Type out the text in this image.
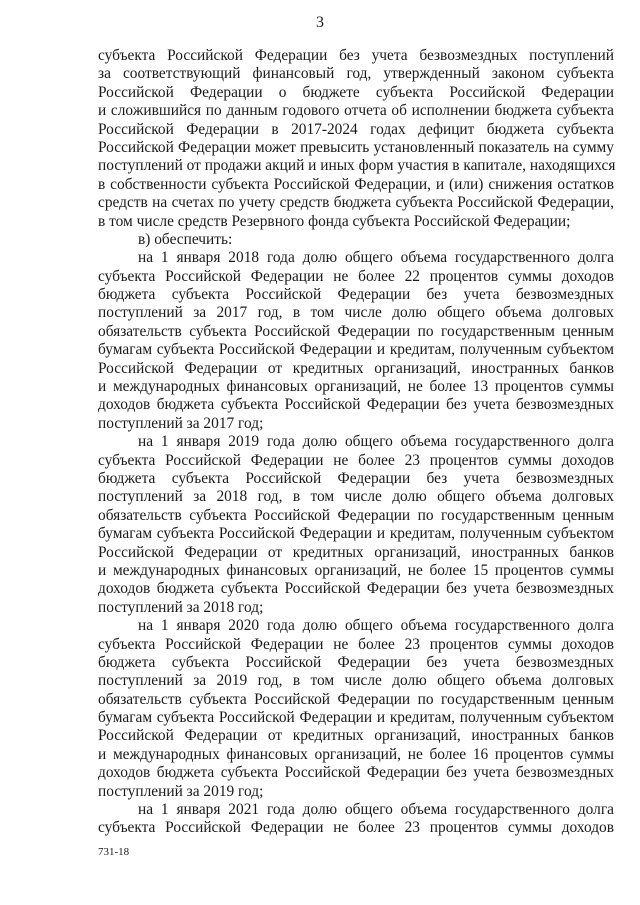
3
субъекта Российской Федерации без учета безвозмездных поступлений
за соответствующий финансовый год, утвержденный законом субъекта
Российской Федерации о бюджете субъекта Российской Федерации
и сложившийся по данным годового отчета об исполнении бюджета субъекта
Российской Федерации в 2017-2024 годах дефицит бюджета субъекта
Российской Федерации может превысить установленный показатель на сумму
поступлений от продажи акций и иных форм участия в капитале, находящихся
в собственности субъекта Российской Федерации, и (или) снижения остатков
средств на счетах по учету средств бюджета субъекта Российской Федерации,
в том числе средств Резервного фонда субъекта Российской Федерации;
в) обеспечить:
на 1 января 2018 года долю общего объема государственного долга
субъекта Российской Федерации не более 22 процентов суммы доходов
бюджета субъекта Российской Федерации без учета безвозмездных
поступлений за 2017 год, в том числе долю общего объема долговых
обязательств субъекта Российской Федерации по государственным ценным
бумагам субъекта Российской Федерации и кредитам, полученным субъектом
Российской Федерации от кредитных организаций, иностранных банков
и международных финансовых организаций, не более 13 процентов суммы
доходов бюджета субъекта Российской Федерации без учета безвозмездных
поступлений за 2017 год;
на 1 января 2019 года долю общего объема государственного долга
субъекта Российской Федерации не более 23 процентов суммы доходов
бюджета субъекта Российской Федерации без учета безвозмездных
поступлений за 2018 год, в том числе долю общего объема долговых
обязательств субъекта Российской Федерации по государственным ценным
бумагам субъекта Российской Федерации и кредитам, полученным субъектом
Российской Федерации от кредитных организаций, иностранных банков
и международных финансовых организаций, не более 15 процентов суммы
доходов бюджета субъекта Российской Федерации без учета безвозмездных
поступлений за 2018 год;
на 1 января 2020 года долю общего объема государственного долга
субъекта Российской Федерации не более 23 процентов суммы доходов
бюджета субъекта Российской Федерации без учета безвозмездных
поступлений за 2019 год, в том числе долю общего объема долговых
обязательств субъекта Российской Федерации по государственным ценным
бумагам субъекта Российской Федерации и кредитам, полученным субъектом
Российской Федерации от кредитных организаций, иностранных банков
и международных финансовых организаций, не более 16 процентов суммы
доходов бюджета субъекта Российской Федерации без учета безвозмездных
поступлений за 2019 год;
на 1 января 2021 года долю общего объема государственного долга
субъекта Российской Федерации не более 23 процентов суммы доходов
731-18
